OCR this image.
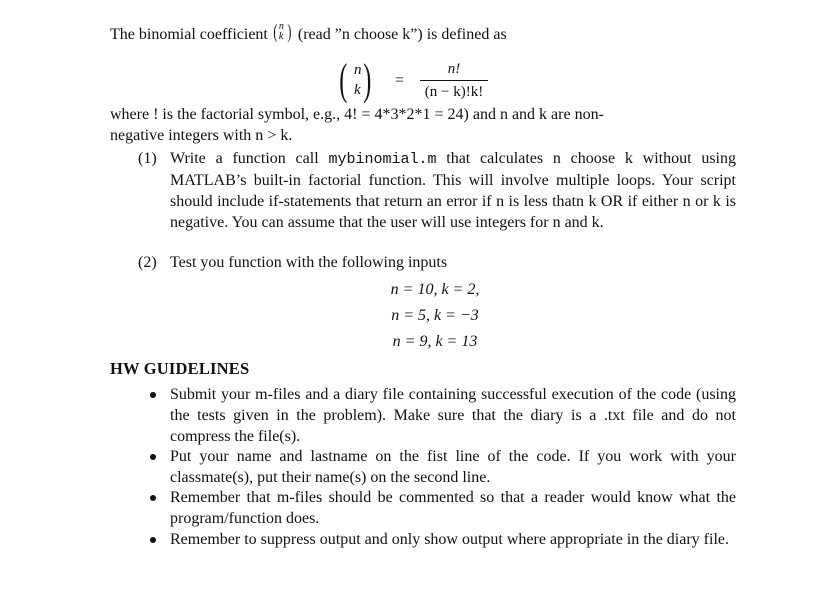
The binomial coefficient ( n
k ) (read ”n choose k”) is defined as

( n
k ) =
n!
(n − k)!k!

where ! is the factorial symbol, e.g., 4! = 4*3*2*1 = 24) and n and k are non-

negative integers with n > k.

(1) Write a function call mybinomial.m that calculates n choose k without using MATLAB’s built-in factorial function. This will involve multiple loops. Your script should include if-statements that return an error if n is less thatn k OR if either n or k is negative. You can assume that the user will use integers for n and k.
(2) Test you function with the following inputs
n = 10, k = 2,
n = 5, k = −3
n = 9, k = 13
HW GUIDELINES
Submit your m-files and a diary file containing successful execution of the code (using the tests given in the problem). Make sure that the diary is a .txt file and do not compress the file(s).
Put your name and lastname on the fist line of the code. If you work with your classmate(s), put their name(s) on the second line.
Remember that m-files should be commented so that a reader would know what the program/function does.
Remember to suppress output and only show output where appropriate in the diary file.
